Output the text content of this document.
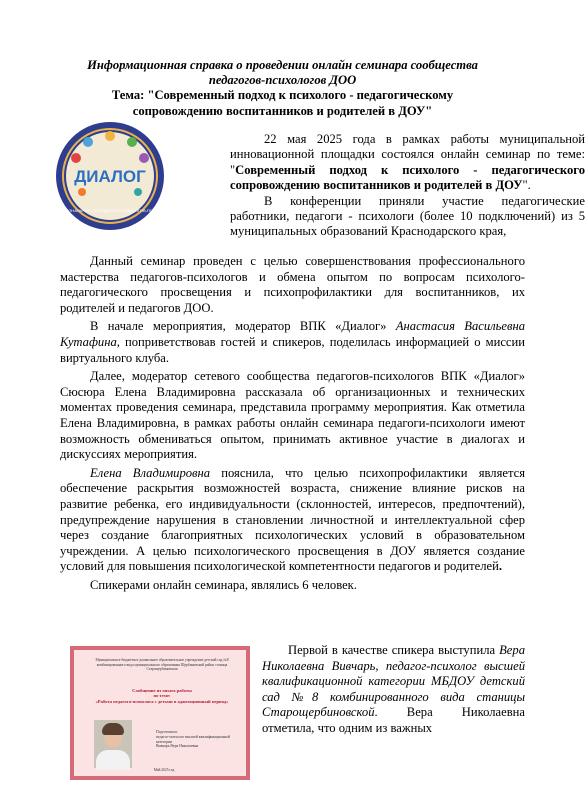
Информационная справка о проведении онлайн семинара сообщества
педагогов-психологов ДОО
Тема: "Современный подход к психолого - педагогическому
сопровождению воспитанников и родителей в ДОУ"
ДИАЛОГ
ПРОФЕССИОНАЛЬНОЕ СООБЩЕСТВО ПЕДАГОГОВ-ПСИХОЛОГОВ

22 мая 2025 года в рамках работы муниципальной инновационной площадки состоялся онлайн семинар по теме: "Современный подход к психолого - педагогического сопровождению воспитанников и родителей в ДОУ".

В конференции приняли участие педагогические работники, педагоги - психологи (более 10 подключений) из 5 муниципальных образований Краснодарского края,

Данный семинар проведен с целью совершенствования профессионального мастерства педагогов-психологов и обмена опытом по вопросам психолого-педагогического просвещения и психопрофилактики для воспитанников, их родителей и педагогов ДОО.

В начале мероприятия, модератор ВПК «Диалог» Анастасия Васильевна Кутафина, поприветствовав гостей и спикеров, поделилась информацией о миссии виртуального клуба.

Далее, модератор сетевого сообщества педагогов-психологов ВПК «Диалог» Сюсюра Елена Владимировна рассказала об организационных и технических моментах проведения семинара, представила программу мероприятия. Как отметила Елена Владимировна, в рамках работы онлайн семинара педагоги-психологи имеют возможность обмениваться опытом, принимать активное участие в диалогах и дискуссиях мероприятия.

Елена Владимировна пояснила, что целью психопрофилактики является обеспечение раскрытия возможностей возраста, снижение влияние рисков на развитие ребенка, его индивидуальности (склонностей, интересов, предпочтений), предупреждение нарушения в становлении личностной и интеллектуальной сфер через создание благоприятных психологических условий в образовательном учреждении. А целью психологического просвещения в ДОУ является создание условий для повышения психологической компетентности педагогов и родителей.

Спикерами онлайн семинара, являлись 6 человек.

Муниципальное бюджетное дошкольное образовательное учреждение детский сад №8 комбинированного вида муниципального образования Щербиновский район станица Старощербиновская
Сообщение из опыта работы
по теме:
«Работа педагога-психолога с детьми в адаптационный период»
Подготовила:
педагог-психолог высшей квалификационной категории
Вивчарь Вера Николаевна
Май 2025 год

Первой в качестве спикера выступила Вера Николаевна Вивчарь, педагог-психолог высшей квалификационной категории МБДОУ детский сад №8 комбинированного вида станицы Старощербиновской. Вера Николаевна отметила, что одним из важных
